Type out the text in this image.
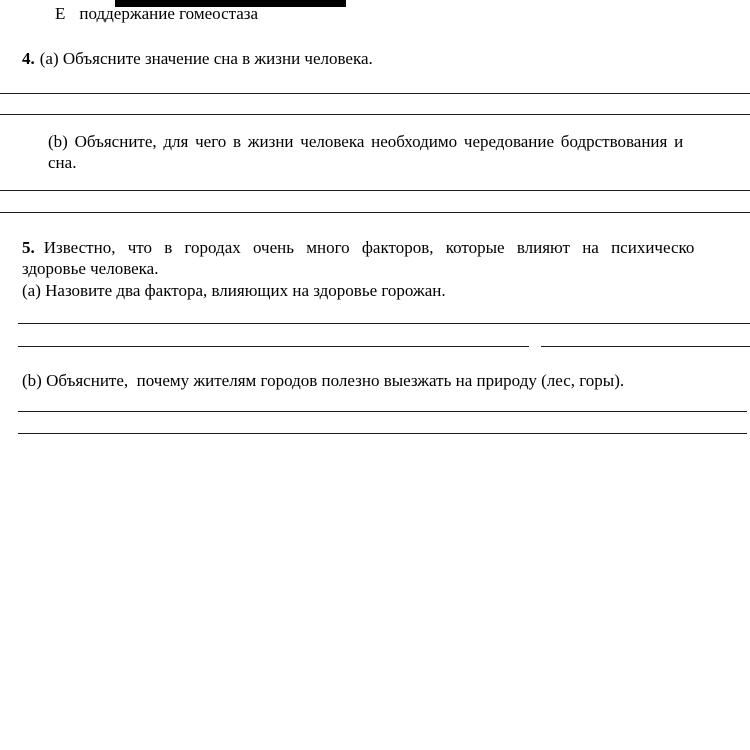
Е поддержание гомеостаза
4. (a) Объясните значение сна в жизни человека.
(b) Объясните, для чего в жизни человека необходимо чередование бодрствования и
сна.
5. Известно, что в городах очень много факторов, которые влияют на психическо
здоровье человека.
(a) Назовите два фактора, влияющих на здоровье горожан.
(b) Объясните,  почему жителям городов полезно выезжать на природу (лес, горы).
